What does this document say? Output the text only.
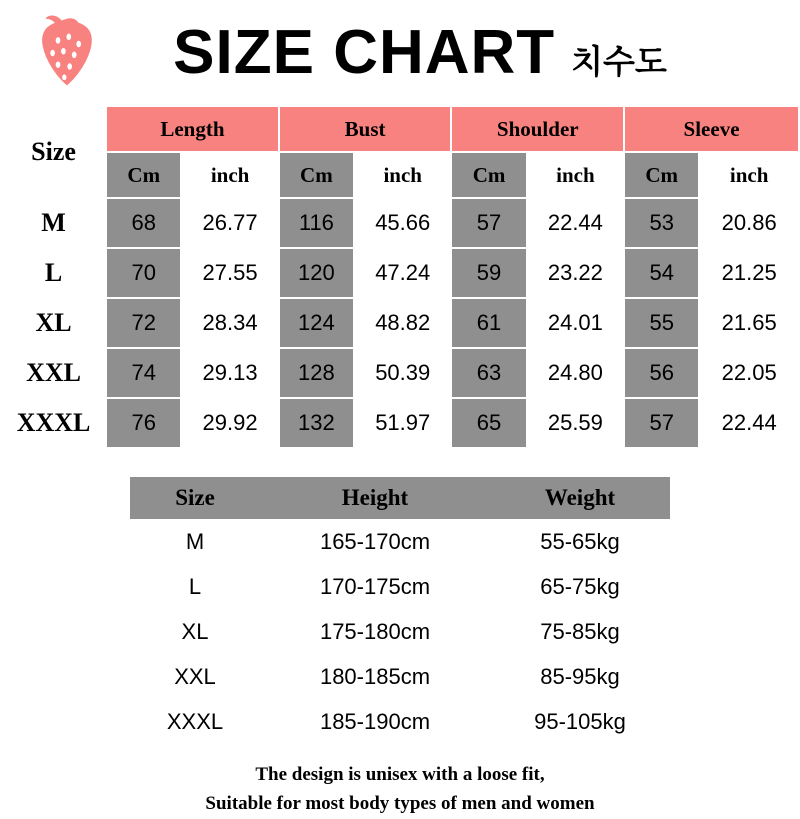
SIZE CHART 치수도
Size	Length		Bust		Shoulder		Sleeve	
	Cm	inch	Cm	inch	Cm	inch	Cm	inch
M	68	26.77	116	45.66	57	22.44	53	20.86
L	70	27.55	120	47.24	59	23.22	54	21.25
XL	72	28.34	124	48.82	61	24.01	55	21.65
XXL	74	29.13	128	50.39	63	24.80	56	22.05
XXXL	76	29.92	132	51.97	65	25.59	57	22.44
Size	Height	Weight
M	165-170cm	55-65kg
L	170-175cm	65-75kg
XL	175-180cm	75-85kg
XXL	180-185cm	85-95kg
XXXL	185-190cm	95-105kg
The design is unisex with a loose fit,
Suitable for most body types of men and women
